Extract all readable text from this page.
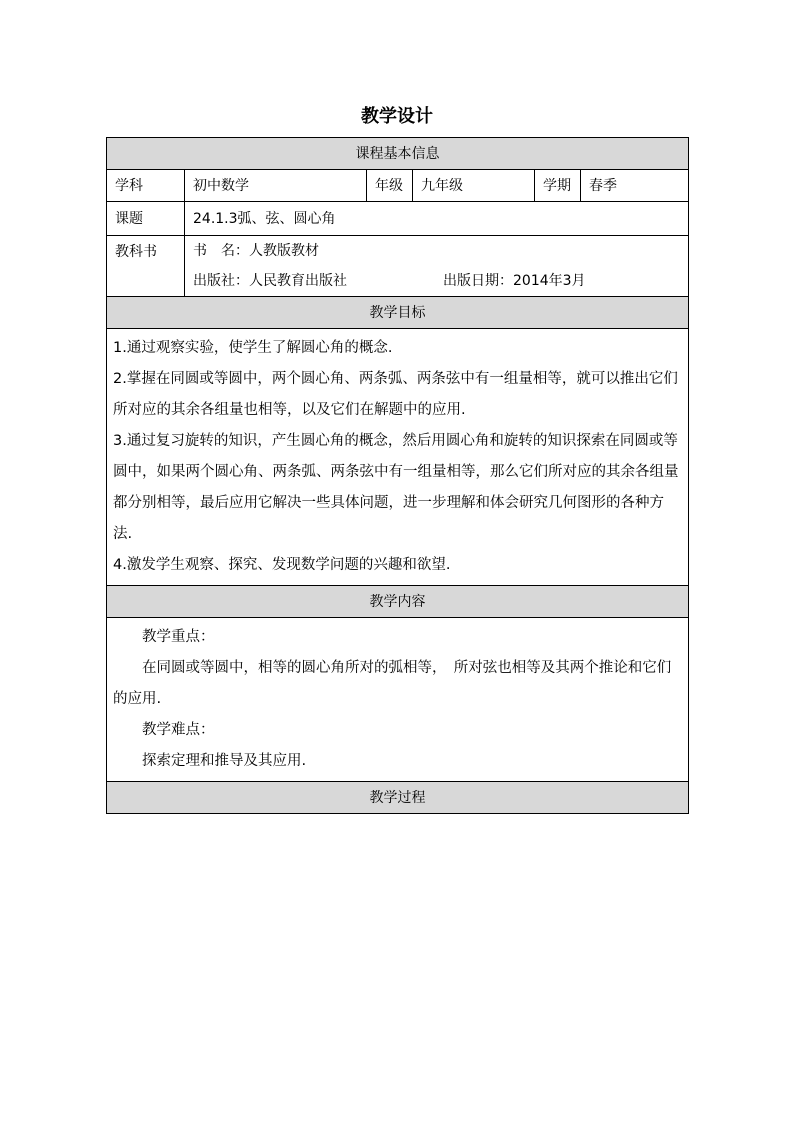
教学设计
课程基本信息					
学科	初中数学	年级	九年级	学期	春季
课题	24.1.3弧、弦、圆心角				
教科书	书　名：人教版教材
出版社：人民教育出版社 出版日期：2014年3月				

教学目标					

1.通过观察实验，使学生了解圆心角的概念.

2.掌握在同圆或等圆中，两个圆心角、两条弧、两条弦中有一组量相等，就可以推出它们所对应的其余各组量也相等，以及它们在解题中的应用.

3.通过复习旋转的知识，产生圆心角的概念，然后用圆心角和旋转的知识探索在同圆或等圆中，如果两个圆心角、两条弧、两条弦中有一组量相等，那么它们所对应的其余各组量都分别相等，最后应用它解决一些具体问题，进一步理解和体会研究几何图形的各种方法.

4.激发学生观察、探究、发现数学问题的兴趣和欲望.					

教学内容					

教学重点：

在同圆或等圆中，相等的圆心角所对的弧相等，　所对弦也相等及其两个推论和它们的应用.

教学难点：

探索定理和推导及其应用.					

教学过程					
